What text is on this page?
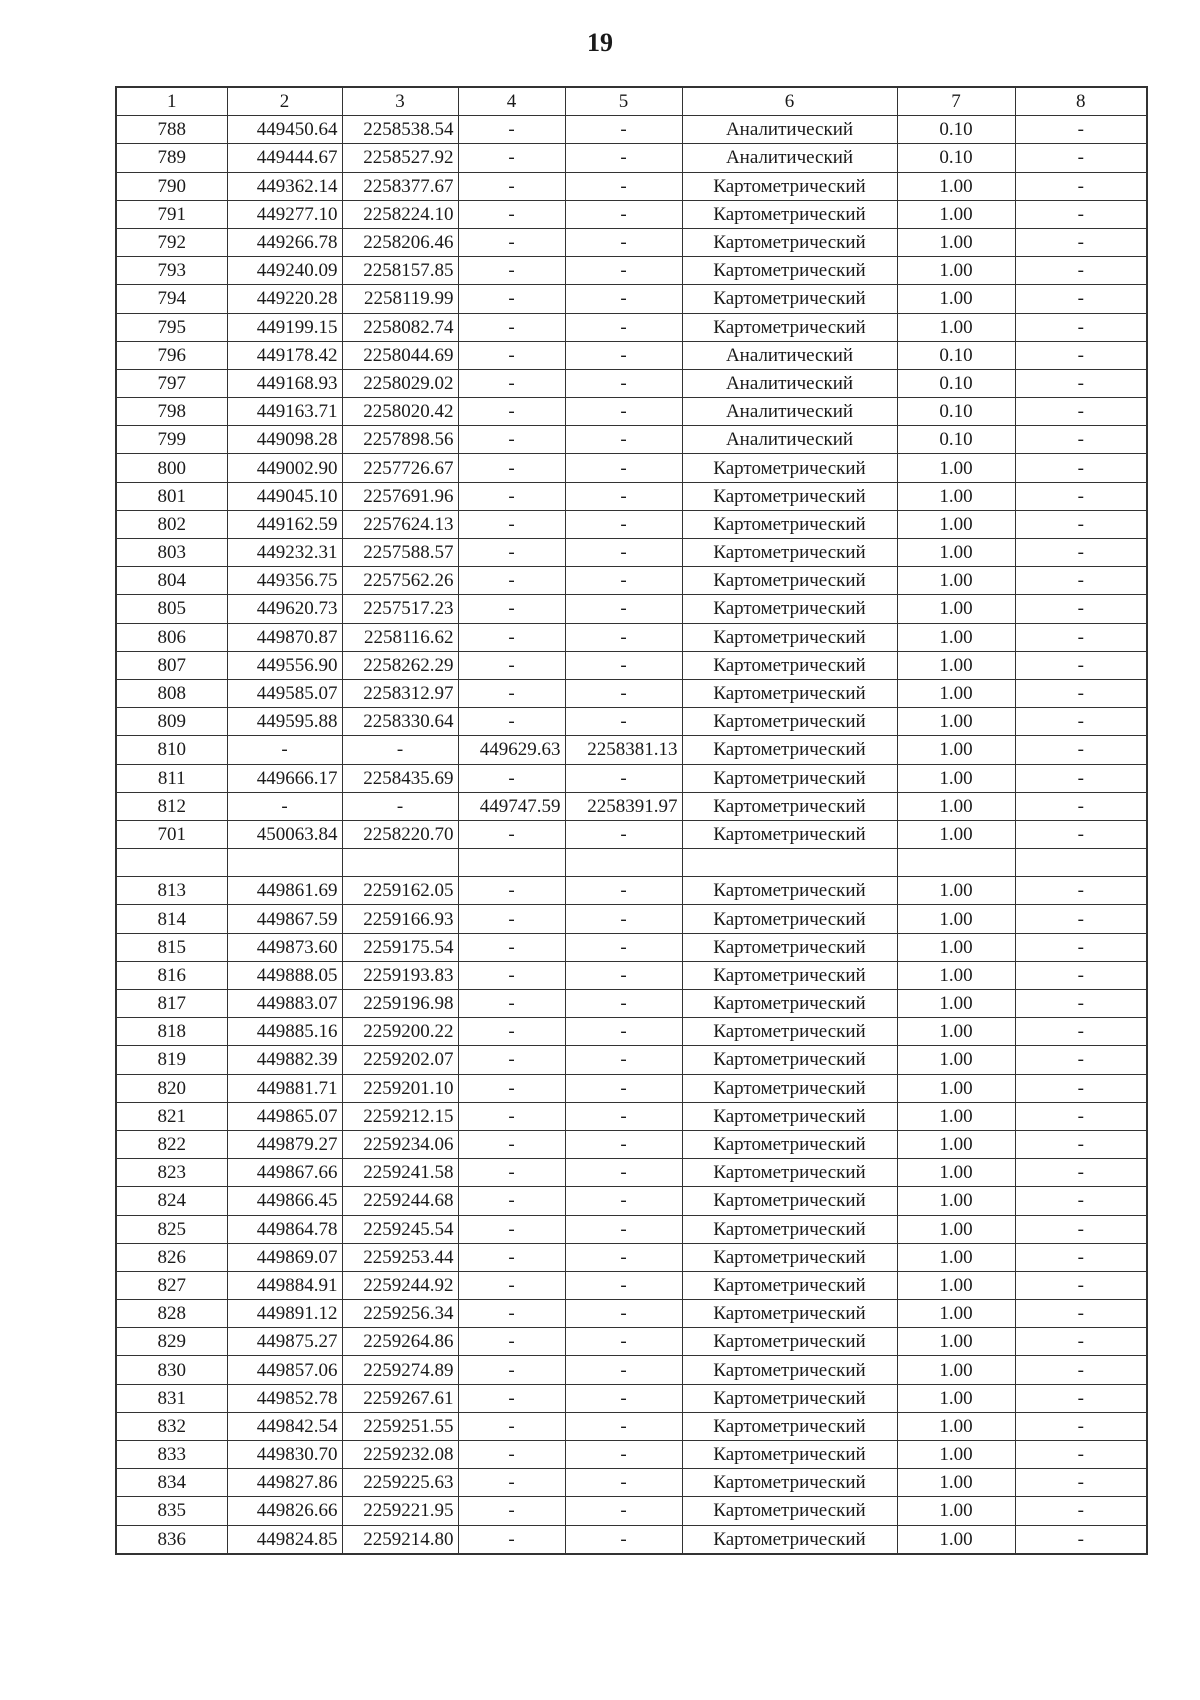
19
1	2	3	4	5	6	7	8
788	449450.64	2258538.54	-	-	Аналитический	0.10	-
789	449444.67	2258527.92	-	-	Аналитический	0.10	-
790	449362.14	2258377.67	-	-	Картометрический	1.00	-
791	449277.10	2258224.10	-	-	Картометрический	1.00	-
792	449266.78	2258206.46	-	-	Картометрический	1.00	-
793	449240.09	2258157.85	-	-	Картометрический	1.00	-
794	449220.28	2258119.99	-	-	Картометрический	1.00	-
795	449199.15	2258082.74	-	-	Картометрический	1.00	-
796	449178.42	2258044.69	-	-	Аналитический	0.10	-
797	449168.93	2258029.02	-	-	Аналитический	0.10	-
798	449163.71	2258020.42	-	-	Аналитический	0.10	-
799	449098.28	2257898.56	-	-	Аналитический	0.10	-
800	449002.90	2257726.67	-	-	Картометрический	1.00	-
801	449045.10	2257691.96	-	-	Картометрический	1.00	-
802	449162.59	2257624.13	-	-	Картометрический	1.00	-
803	449232.31	2257588.57	-	-	Картометрический	1.00	-
804	449356.75	2257562.26	-	-	Картометрический	1.00	-
805	449620.73	2257517.23	-	-	Картометрический	1.00	-
806	449870.87	2258116.62	-	-	Картометрический	1.00	-
807	449556.90	2258262.29	-	-	Картометрический	1.00	-
808	449585.07	2258312.97	-	-	Картометрический	1.00	-
809	449595.88	2258330.64	-	-	Картометрический	1.00	-
810	-	-	449629.63	2258381.13	Картометрический	1.00	-
811	449666.17	2258435.69	-	-	Картометрический	1.00	-
812	-	-	449747.59	2258391.97	Картометрический	1.00	-
701	450063.84	2258220.70	-	-	Картометрический	1.00	-

813	449861.69	2259162.05	-	-	Картометрический	1.00	-
814	449867.59	2259166.93	-	-	Картометрический	1.00	-
815	449873.60	2259175.54	-	-	Картометрический	1.00	-
816	449888.05	2259193.83	-	-	Картометрический	1.00	-
817	449883.07	2259196.98	-	-	Картометрический	1.00	-
818	449885.16	2259200.22	-	-	Картометрический	1.00	-
819	449882.39	2259202.07	-	-	Картометрический	1.00	-
820	449881.71	2259201.10	-	-	Картометрический	1.00	-
821	449865.07	2259212.15	-	-	Картометрический	1.00	-
822	449879.27	2259234.06	-	-	Картометрический	1.00	-
823	449867.66	2259241.58	-	-	Картометрический	1.00	-
824	449866.45	2259244.68	-	-	Картометрический	1.00	-
825	449864.78	2259245.54	-	-	Картометрический	1.00	-
826	449869.07	2259253.44	-	-	Картометрический	1.00	-
827	449884.91	2259244.92	-	-	Картометрический	1.00	-
828	449891.12	2259256.34	-	-	Картометрический	1.00	-
829	449875.27	2259264.86	-	-	Картометрический	1.00	-
830	449857.06	2259274.89	-	-	Картометрический	1.00	-
831	449852.78	2259267.61	-	-	Картометрический	1.00	-
832	449842.54	2259251.55	-	-	Картометрический	1.00	-
833	449830.70	2259232.08	-	-	Картометрический	1.00	-
834	449827.86	2259225.63	-	-	Картометрический	1.00	-
835	449826.66	2259221.95	-	-	Картометрический	1.00	-
836	449824.85	2259214.80	-	-	Картометрический	1.00	-
